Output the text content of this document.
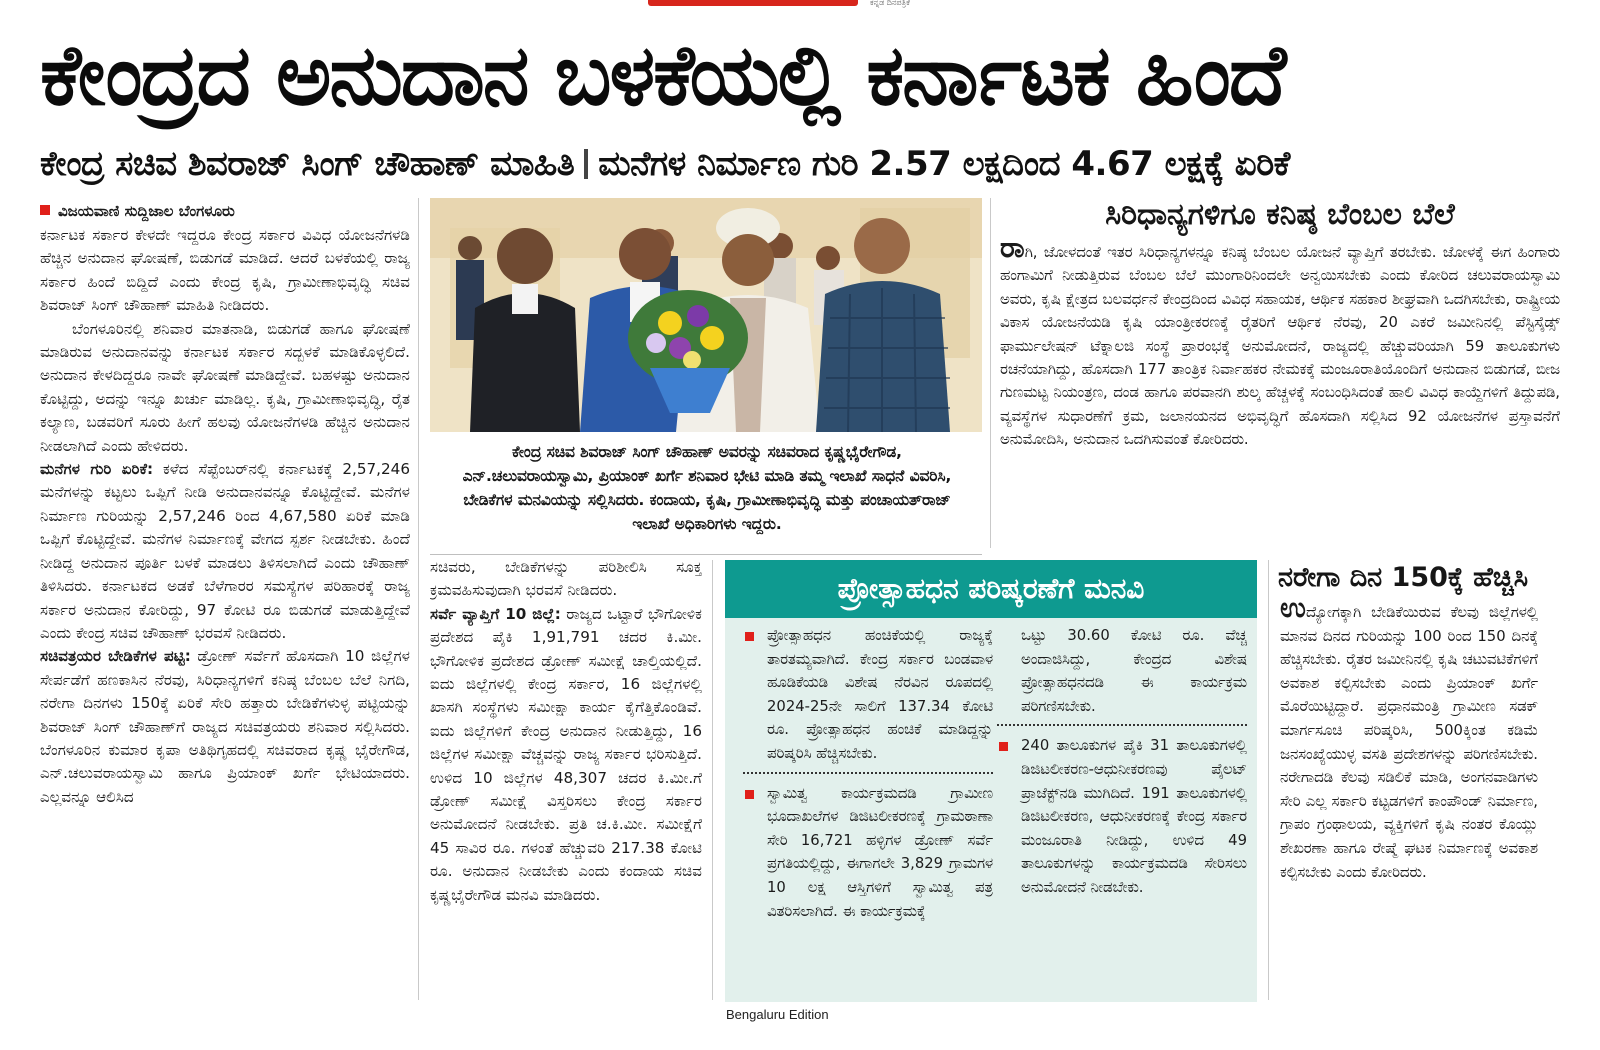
ಕನ್ನಡ ದಿನಪತ್ರಿಕೆ
ಕೇಂದ್ರದ ಅನುದಾನ ಬಳಕೆಯಲ್ಲಿ ಕರ್ನಾಟಕ ಹಿಂದೆ
ಕೇಂದ್ರ ಸಚಿವ ಶಿವರಾಜ್ ಸಿಂಗ್ ಚೌಹಾಣ್ ಮಾಹಿತಿ ಮನೆಗಳ ನಿರ್ಮಾಣ ಗುರಿ 2.57 ಲಕ್ಷದಿಂದ 4.67 ಲಕ್ಷಕ್ಕೆ ಏರಿಕೆ
ವಿಜಯವಾಣಿ ಸುದ್ದಿಜಾಲ ಬೆಂಗಳೂರು

ಕರ್ನಾಟಕ ಸರ್ಕಾರ ಕೇಳದೇ ಇದ್ದರೂ ಕೇಂದ್ರ ಸರ್ಕಾರ ವಿವಿಧ ಯೋಜನೆಗಳಡಿ ಹೆಚ್ಚಿನ ಅನುದಾನ ಘೋಷಣೆ, ಬಿಡುಗಡೆ ಮಾಡಿದೆ. ಆದರೆ ಬಳಕೆಯಲ್ಲಿ ರಾಜ್ಯ ಸರ್ಕಾರ ಹಿಂದೆ ಬಿದ್ದಿದೆ ಎಂದು ಕೇಂದ್ರ ಕೃಷಿ, ಗ್ರಾಮೀಣಾಭಿವೃದ್ಧಿ ಸಚಿವ ಶಿವರಾಜ್ ಸಿಂಗ್ ಚೌಹಾಣ್ ಮಾಹಿತಿ ನೀಡಿದರು.

ಬೆಂಗಳೂರಿನಲ್ಲಿ ಶನಿವಾರ ಮಾತನಾಡಿ, ಬಿಡುಗಡೆ ಹಾಗೂ ಘೋಷಣೆ ಮಾಡಿರುವ ಅನುದಾನವನ್ನು ಕರ್ನಾಟಕ ಸರ್ಕಾರ ಸದ್ಬಳಕೆ ಮಾಡಿಕೊಳ್ಳಲಿದೆ. ಅನುದಾನ ಕೇಳದಿದ್ದರೂ ನಾವೇ ಘೋಷಣೆ ಮಾಡಿದ್ದೇವೆ. ಬಹಳಷ್ಟು ಅನುದಾನ ಕೊಟ್ಟಿದ್ದು, ಅದನ್ನು ಇನ್ನೂ ಖರ್ಚು ಮಾಡಿಲ್ಲ. ಕೃಷಿ, ಗ್ರಾಮೀಣಾಭಿವೃದ್ಧಿ, ರೈತ ಕಲ್ಯಾಣ, ಬಡವರಿಗೆ ಸೂರು ಹೀಗೆ ಹಲವು ಯೋಜನೆಗಳಡಿ ಹೆಚ್ಚಿನ ಅನುದಾನ ನೀಡಲಾಗಿದೆ ಎಂದು ಹೇಳಿದರು.

ಮನೆಗಳ ಗುರಿ ಏರಿಕೆ: ಕಳೆದ ಸೆಪ್ಟೆಂಬರ್‌ನಲ್ಲಿ ಕರ್ನಾಟಕಕ್ಕೆ 2,57,246 ಮನೆಗಳನ್ನು ಕಟ್ಟಲು ಒಪ್ಪಿಗೆ ನೀಡಿ ಅನುದಾನವನ್ನೂ ಕೊಟ್ಟಿದ್ದೇವೆ. ಮನೆಗಳ ನಿರ್ಮಾಣ ಗುರಿಯನ್ನು 2,57,246 ರಿಂದ 4,67,580 ಏರಿಕೆ ಮಾಡಿ ಒಪ್ಪಿಗೆ ಕೊಟ್ಟಿದ್ದೇವೆ. ಮನೆಗಳ ನಿರ್ಮಾಣಕ್ಕೆ ವೇಗದ ಸ್ಪರ್ಶ ನೀಡಬೇಕು. ಹಿಂದೆ ನೀಡಿದ್ದ ಅನುದಾನ ಪೂರ್ತಿ ಬಳಕೆ ಮಾಡಲು ತಿಳಿಸಲಾಗಿದೆ ಎಂದು ಚೌಹಾಣ್ ತಿಳಿಸಿದರು. ಕರ್ನಾಟಕದ ಅಡಕೆ ಬೆಳೆಗಾರರ ಸಮಸ್ಯೆಗಳ ಪರಿಹಾರಕ್ಕೆ ರಾಜ್ಯ ಸರ್ಕಾರ ಅನುದಾನ ಕೋರಿದ್ದು, 97 ಕೋಟಿ ರೂ ಬಿಡುಗಡೆ ಮಾಡುತ್ತಿದ್ದೇವೆ ಎಂದು ಕೇಂದ್ರ ಸಚಿವ ಚೌಹಾಣ್ ಭರವಸೆ ನೀಡಿದರು.

ಸಚಿವತ್ರಯರ ಬೇಡಿಕೆಗಳ ಪಟ್ಟಿ: ಡ್ರೋಣ್ ಸರ್ವೆಗೆ ಹೊಸದಾಗಿ 10 ಜಿಲ್ಲೆಗಳ ಸೇರ್ಪಡೆಗೆ ಹಣಕಾಸಿನ ನೆರವು, ಸಿರಿಧಾನ್ಯಗಳಿಗೆ ಕನಿಷ್ಠ ಬೆಂಬಲ ಬೆಲೆ ನಿಗದಿ, ನರೇಗಾ ದಿನಗಳು 150ಕ್ಕೆ ಏರಿಕೆ ಸೇರಿ ಹತ್ತಾರು ಬೇಡಿಕೆಗಳುಳ್ಳ ಪಟ್ಟಿಯನ್ನು ಶಿವರಾಜ್ ಸಿಂಗ್ ಚೌಹಾಣ್‌ಗೆ ರಾಜ್ಯದ ಸಚಿವತ್ರಯರು ಶನಿವಾರ ಸಲ್ಲಿಸಿದರು. ಬೆಂಗಳೂರಿನ ಕುಮಾರ ಕೃಪಾ ಅತಿಥಿಗೃಹದಲ್ಲಿ ಸಚಿವರಾದ ಕೃಷ್ಣ ಭೈರೇಗೌಡ, ಎನ್.ಚಲುವರಾಯಸ್ವಾಮಿ ಹಾಗೂ ಪ್ರಿಯಾಂಕ್ ಖರ್ಗೆ ಭೇಟಿಯಾದರು. ಎಲ್ಲವನ್ನೂ ಆಲಿಸಿದ

ಕೇಂದ್ರ ಸಚಿವ ಶಿವರಾಜ್ ಸಿಂಗ್ ಚೌಹಾಣ್ ಅವರನ್ನು ಸಚಿವರಾದ ಕೃಷ್ಣಭೈರೇಗೌಡ, ಎನ್.ಚಲುವರಾಯಸ್ವಾಮಿ, ಪ್ರಿಯಾಂಕ್ ಖರ್ಗೆ ಶನಿವಾರ ಭೇಟಿ ಮಾಡಿ ತಮ್ಮ ಇಲಾಖೆ ಸಾಧನೆ ವಿವರಿಸಿ, ಬೇಡಿಕೆಗಳ ಮನವಿಯನ್ನು ಸಲ್ಲಿಸಿದರು. ಕಂದಾಯ, ಕೃಷಿ, ಗ್ರಾಮೀಣಾಭಿವೃದ್ಧಿ ಮತ್ತು ಪಂಚಾಯತ್‌ರಾಜ್ ಇಲಾಖೆ ಅಧಿಕಾರಿಗಳು ಇದ್ದರು.

ಸಚಿವರು, ಬೇಡಿಕೆಗಳನ್ನು ಪರಿಶೀಲಿಸಿ ಸೂಕ್ತ ಕ್ರಮವಹಿಸುವುದಾಗಿ ಭರವಸೆ ನೀಡಿದರು.

ಸರ್ವೆ ವ್ಯಾಪ್ತಿಗೆ 10 ಜಿಲ್ಲೆ: ರಾಜ್ಯದ ಒಟ್ಟಾರೆ ಭೌಗೋಳಿಕ ಪ್ರದೇಶದ ಪೈಕಿ 1,91,791 ಚದರ ಕಿ.ಮೀ. ಭೌಗೋಳಿಕ ಪ್ರದೇಶದ ಡ್ರೋಣ್ ಸಮೀಕ್ಷೆ ಚಾಲ್ತಿಯಲ್ಲಿದೆ. ಐದು ಜಿಲ್ಲೆಗಳಲ್ಲಿ ಕೇಂದ್ರ ಸರ್ಕಾರ, 16 ಜಿಲ್ಲೆಗಳಲ್ಲಿ ಖಾಸಗಿ ಸಂಸ್ಥೆಗಳು ಸಮೀಕ್ಷಾ ಕಾರ್ಯ ಕೈಗೆತ್ತಿಕೊಂಡಿವೆ. ಐದು ಜಿಲ್ಲೆಗಳಿಗೆ ಕೇಂದ್ರ ಅನುದಾನ ನೀಡುತ್ತಿದ್ದು, 16 ಜಿಲ್ಲೆಗಳ ಸಮೀಕ್ಷಾ ವೆಚ್ಚವನ್ನು ರಾಜ್ಯ ಸರ್ಕಾರ ಭರಿಸುತ್ತಿದೆ. ಉಳಿದ 10 ಜಿಲ್ಲೆಗಳ 48,307 ಚದರ ಕಿ.ಮೀ.ಗೆ ಡ್ರೋಣ್ ಸಮೀಕ್ಷೆ ವಿಸ್ತರಿಸಲು ಕೇಂದ್ರ ಸರ್ಕಾರ ಅನುಮೋದನೆ ನೀಡಬೇಕು. ಪ್ರತಿ ಚ.ಕಿ.ಮೀ. ಸಮೀಕ್ಷೆಗೆ 45 ಸಾವಿರ ರೂ. ಗಳಂತೆ ಹೆಚ್ಚುವರಿ 217.38 ಕೋಟಿ ರೂ. ಅನುದಾನ ನೀಡಬೇಕು ಎಂದು ಕಂದಾಯ ಸಚಿವ ಕೃಷ್ಣಭೈರೇಗೌಡ ಮನವಿ ಮಾಡಿದರು.

ಸಿರಿಧಾನ್ಯಗಳಿಗೂ ಕನಿಷ್ಠ ಬೆಂಬಲ ಬೆಲೆ

ರಾಗಿ, ಜೋಳದಂತೆ ಇತರ ಸಿರಿಧಾನ್ಯಗಳನ್ನೂ ಕನಿಷ್ಠ ಬೆಂಬಲ ಯೋಜನೆ ವ್ಯಾಪ್ತಿಗೆ ತರಬೇಕು. ಜೋಳಕ್ಕೆ ಈಗ ಹಿಂಗಾರು ಹಂಗಾಮಿಗೆ ನೀಡುತ್ತಿರುವ ಬೆಂಬಲ ಬೆಲೆ ಮುಂಗಾರಿನಿಂದಲೇ ಅನ್ವಯಿಸಬೇಕು ಎಂದು ಕೋರಿದ ಚಲುವರಾಯಸ್ವಾಮಿ ಅವರು, ಕೃಷಿ ಕ್ಷೇತ್ರದ ಬಲವರ್ಧನೆ ಕೇಂದ್ರದಿಂದ ವಿವಿಧ ಸಹಾಯಕ, ಆರ್ಥಿಕ ಸಹಕಾರ ಶೀಘ್ರವಾಗಿ ಒದಗಿಸಬೇಕು, ರಾಷ್ಟ್ರೀಯ ವಿಕಾಸ ಯೋಜನೆಯಡಿ ಕೃಷಿ ಯಾಂತ್ರೀಕರಣಕ್ಕೆ ರೈತರಿಗೆ ಆರ್ಥಿಕ ನೆರವು, 20 ಎಕರೆ ಜಮೀನಿನಲ್ಲಿ ಪೆಸ್ಟಿಸೈಡ್ಸ್ ಫಾರ್ಮುಲೇಷನ್ ಟೆಕ್ನಾಲಜಿ ಸಂಸ್ಥೆ ಪ್ರಾರಂಭಕ್ಕೆ ಅನುಮೋದನೆ, ರಾಜ್ಯದಲ್ಲಿ ಹೆಚ್ಚುವರಿಯಾಗಿ 59 ತಾಲೂಕುಗಳು ರಚನೆಯಾಗಿದ್ದು, ಹೊಸದಾಗಿ 177 ತಾಂತ್ರಿಕ ನಿರ್ವಾಹಕರ ನೇಮಕಕ್ಕೆ ಮಂಜೂರಾತಿಯೊಂದಿಗೆ ಅನುದಾನ ಬಿಡುಗಡೆ, ಬೀಜ ಗುಣಮಟ್ಟ ನಿಯಂತ್ರಣ, ದಂಡ ಹಾಗೂ ಪರವಾನಗಿ ಶುಲ್ಕ ಹೆಚ್ಚಳಕ್ಕೆ ಸಂಬಂಧಿಸಿದಂತೆ ಹಾಲಿ ವಿವಿಧ ಕಾಯ್ದೆಗಳಿಗೆ ತಿದ್ದುಪಡಿ, ವ್ಯವಸ್ಥೆಗಳ ಸುಧಾರಣೆಗೆ ಕ್ರಮ, ಜಲಾನಯನದ ಅಭಿವೃದ್ಧಿಗೆ ಹೊಸದಾಗಿ ಸಲ್ಲಿಸಿದ 92 ಯೋಜನೆಗಳ ಪ್ರಸ್ತಾವನೆಗೆ ಅನುಮೋದಿಸಿ, ಅನುದಾನ ಒದಗಿಸುವಂತೆ ಕೋರಿದರು.

ಪ್ರೋತ್ಸಾಹಧನ ಪರಿಷ್ಕರಣೆಗೆ ಮನವಿ
ಪ್ರೋತ್ಸಾಹಧನ ಹಂಚಿಕೆಯಲ್ಲಿ ರಾಜ್ಯಕ್ಕೆ ತಾರತಮ್ಯವಾಗಿದೆ. ಕೇಂದ್ರ ಸರ್ಕಾರ ಬಂಡವಾಳ ಹೂಡಿಕೆಯಡಿ ವಿಶೇಷ ನೆರವಿನ ರೂಪದಲ್ಲಿ 2024-25ನೇ ಸಾಲಿಗೆ 137.34 ಕೋಟಿ ರೂ. ಪ್ರೋತ್ಸಾಹಧನ ಹಂಚಿಕೆ ಮಾಡಿದ್ದನ್ನು ಪರಿಷ್ಕರಿಸಿ ಹೆಚ್ಚಿಸಬೇಕು.
ಸ್ವಾಮಿತ್ವ ಕಾರ್ಯಕ್ರಮದಡಿ ಗ್ರಾಮೀಣ ಭೂದಾಖಲೆಗಳ ಡಿಜಿಟಲೀಕರಣಕ್ಕೆ ಗ್ರಾಮಠಾಣಾ ಸೇರಿ 16,721 ಹಳ್ಳಿಗಳ ಡ್ರೋಣ್ ಸರ್ವೆ ಪ್ರಗತಿಯಲ್ಲಿದ್ದು, ಈಗಾಗಲೇ 3,829 ಗ್ರಾಮಗಳ 10 ಲಕ್ಷ ಆಸ್ತಿಗಳಿಗೆ ಸ್ವಾಮಿತ್ವ ಪತ್ರ ವಿತರಿಸಲಾಗಿದೆ. ಈ ಕಾರ್ಯಕ್ರಮಕ್ಕೆ
ಒಟ್ಟು 30.60 ಕೋಟಿ ರೂ. ವೆಚ್ಚ ಅಂದಾಜಿಸಿದ್ದು, ಕೇಂದ್ರದ ವಿಶೇಷ ಪ್ರೋತ್ಸಾಹಧನದಡಿ ಈ ಕಾರ್ಯಕ್ರಮ ಪರಿಗಣಿಸಬೇಕು.
240 ತಾಲೂಕುಗಳ ಪೈಕಿ 31 ತಾಲೂಕುಗಳಲ್ಲಿ ಡಿಜಿಟಲೀಕರಣ-ಆಧುನೀಕರಣವು ಪೈಲಟ್ ಪ್ರಾಜೆಕ್ಟ್‌ನಡಿ ಮುಗಿದಿದೆ. 191 ತಾಲೂಕುಗಳಲ್ಲಿ ಡಿಜಿಟಲೀಕರಣ, ಆಧುನೀಕರಣಕ್ಕೆ ಕೇಂದ್ರ ಸರ್ಕಾರ ಮಂಜೂರಾತಿ ನೀಡಿದ್ದು, ಉಳಿದ 49 ತಾಲೂಕುಗಳನ್ನು ಕಾರ್ಯಕ್ರಮದಡಿ ಸೇರಿಸಲು ಅನುಮೋದನೆ ನೀಡಬೇಕು.
ನರೇಗಾ ದಿನ 150ಕ್ಕೆ ಹೆಚ್ಚಿಸಿ

ಉದ್ಯೋಗಕ್ಕಾಗಿ ಬೇಡಿಕೆಯಿರುವ ಕೆಲವು ಜಿಲ್ಲೆಗಳಲ್ಲಿ ಮಾನವ ದಿನದ ಗುರಿಯನ್ನು 100 ರಿಂದ 150 ದಿನಕ್ಕೆ ಹೆಚ್ಚಿಸಬೇಕು. ರೈತರ ಜಮೀನಿನಲ್ಲಿ ಕೃಷಿ ಚಟುವಟಿಕೆಗಳಿಗೆ ಅವಕಾಶ ಕಲ್ಪಿಸಬೇಕು ಎಂದು ಪ್ರಿಯಾಂಕ್ ಖರ್ಗೆ ಮೊರೆಯಿಟ್ಟಿದ್ದಾರೆ. ಪ್ರಧಾನಮಂತ್ರಿ ಗ್ರಾಮೀಣ ಸಡಕ್ ಮಾರ್ಗಸೂಚಿ ಪರಿಷ್ಕರಿಸಿ, 500ಕ್ಕಿಂತ ಕಡಿಮೆ ಜನಸಂಖ್ಯೆಯುಳ್ಳ ವಸತಿ ಪ್ರದೇಶಗಳನ್ನು ಪರಿಗಣಿಸಬೇಕು. ನರೇಗಾದಡಿ ಕೆಲವು ಸಡಿಲಿಕೆ ಮಾಡಿ, ಅಂಗನವಾಡಿಗಳು ಸೇರಿ ಎಲ್ಲ ಸರ್ಕಾರಿ ಕಟ್ಟಡಗಳಿಗೆ ಕಾಂಪೌಂಡ್ ನಿರ್ಮಾಣ, ಗ್ರಾಪಂ ಗ್ರಂಥಾಲಯ, ವ್ಯಕ್ತಿಗಳಿಗೆ ಕೃಷಿ ನಂತರ ಕೊಯ್ಲು ಶೇಖರಣಾ ಹಾಗೂ ರೇಷ್ಮೆ ಘಟಕ ನಿರ್ಮಾಣಕ್ಕೆ ಅವಕಾಶ ಕಲ್ಪಿಸಬೇಕು ಎಂದು ಕೋರಿದರು.

Bengaluru Edition
